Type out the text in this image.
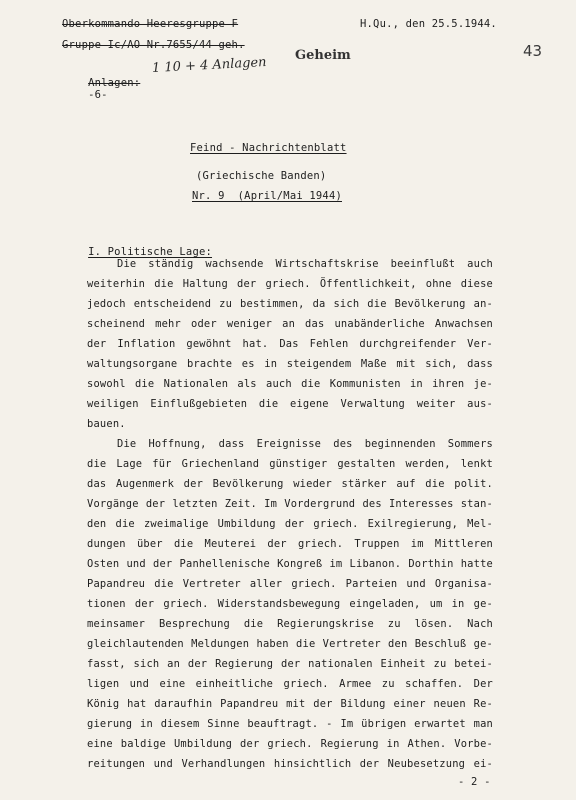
Oberkommando Heeresgruppe F
Gruppe Ic/AO Nr.7655/44 geh.

Anlagen:
-6-

1 10 + 4 Anlagen
H.Qu., den 25.5.1944.
Geheim	43
Feind - Nachrichtenblatt
(Griechische Banden)
Nr. 9  (April/Mai 1944)

I. Politische Lage:

Die ständig wachsende Wirtschaftskrise beeinflußt auch
weiterhin die Haltung der griech. Öffentlichkeit, ohne diese
jedoch entscheidend zu bestimmen, da sich die Bevölkerung an-
scheinend mehr oder weniger an das unabänderliche Anwachsen
der Inflation gewöhnt hat. Das Fehlen durchgreifender Ver-
waltungsorgane brachte es in steigendem Maße mit sich, dass
sowohl die Nationalen als auch die Kommunisten in ihren je-
weiligen Einflußgebieten die eigene Verwaltung weiter aus-
bauen.
Die Hoffnung, dass Ereignisse des beginnenden Sommers
die Lage für Griechenland günstiger gestalten werden, lenkt
das Augenmerk der Bevölkerung wieder stärker auf die polit.
Vorgänge der letzten Zeit. Im Vordergrund des Interesses stan-
den die zweimalige Umbildung der griech. Exilregierung, Mel-
dungen über die Meuterei der griech. Truppen im Mittleren
Osten und der Panhellenische Kongreß im Libanon. Dorthin hatte
Papandreu die Vertreter aller griech. Parteien und Organisa-
tionen der griech. Widerstandsbewegung eingeladen, um in ge-
meinsamer Besprechung die Regierungskrise zu lösen. Nach
gleichlautenden Meldungen haben die Vertreter den Beschluß ge-
fasst, sich an der Regierung der nationalen Einheit zu betei-
ligen und eine einheitliche griech. Armee zu schaffen. Der
König hat daraufhin Papandreu mit der Bildung einer neuen Re-
gierung in diesem Sinne beauftragt. - Im übrigen erwartet man
eine baldige Umbildung der griech. Regierung in Athen. Vorbe-
reitungen und Verhandlungen hinsichtlich der Neubesetzung ei-
- 2 -
